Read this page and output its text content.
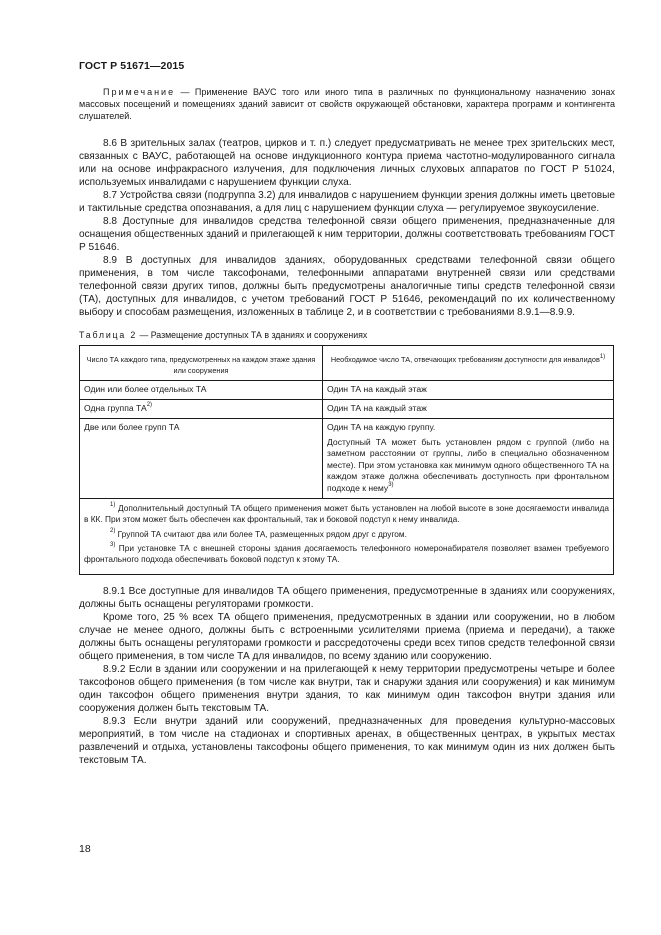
ГОСТ Р 51671—2015

Примечание — Применение ВАУС того или иного типа в различных по функциональному назначению зонах массовых посещений и помещениях зданий зависит от свойств окружающей обстановки, характера программ и контингента слушателей.

8.6 В зрительных залах (театров, цирков и т. п.) следует предусматривать не менее трех зрительских мест, связанных с ВАУС, работающей на основе индукционного контура приема частотно-модулированного сигнала или на основе инфракрасного излучения, для подключения личных слуховых аппаратов по ГОСТ Р 51024, используемых инвалидами с нарушением функции слуха.

8.7 Устройства связи (подгруппа 3.2) для инвалидов с нарушением функции зрения должны иметь цветовые и тактильные средства опознавания, а для лиц с нарушением функции слуха — регулируемое звукоусиление.

8.8 Доступные для инвалидов средства телефонной связи общего применения, предназначенные для оснащения общественных зданий и прилегающей к ним территории, должны соответствовать требованиям ГОСТ Р 51646.

8.9 В доступных для инвалидов зданиях, оборудованных средствами телефонной связи общего применения, в том числе таксофонами, телефонными аппаратами внутренней связи или средствами телефонной связи других типов, должны быть предусмотрены аналогичные типы средств телефонной связи (ТА), доступных для инвалидов, с учетом требований ГОСТ Р 51646, рекомендаций по их количественному выбору и способам размещения, изложенных в таблице 2, и в соответствии с требованиями 8.9.1—8.9.9.

Таблица 2 — Размещение доступных ТА в зданиях и сооружениях
Число ТА каждого типа, предусмотренных на каждом этаже здания или сооружения	Необходимое число ТА, отвечающих требованиям доступности для инвалидов$^{1)}$
Один или более отдельных ТА	Один ТА на каждый этаж
Одна группа ТА$^{2)}$	Один ТА на каждый этаж
Две или более групп ТА	Один ТА на каждую группу.

Доступный ТА может быть установлен рядом с группой (либо на заметном расстоянии от группы, либо в специально обозначенном месте). При этом установка как минимум одного общественного ТА на каждом этаже должна обеспечивать доступность при фронтальном подходе к нему$^{3)}$

$^{1)}$ Дополнительный доступный ТА общего применения может быть установлен на любой высоте в зоне досягаемости инвалида в КК. При этом может быть обеспечен как фронтальный, так и боковой подступ к нему инвалида.

$^{2)}$ Группой ТА считают два или более ТА, размещенных рядом друг с другом.

$^{3)}$ При установке ТА с внешней стороны здания досягаемость телефонного номеронабирателя позволяет взамен требуемого фронтального подхода обеспечивать боковой подступ к этому ТА.	

8.9.1 Все доступные для инвалидов ТА общего применения, предусмотренные в зданиях или сооружениях, должны быть оснащены регуляторами громкости.

Кроме того, 25 % всех ТА общего применения, предусмотренных в здании или сооружении, но в любом случае не менее одного, должны быть с встроенными усилителями приема (приема и передачи), а также должны быть оснащены регуляторами громкости и рассредоточены среди всех типов средств телефонной связи общего применения, в том числе ТА для инвалидов, по всему зданию или сооружению.

8.9.2 Если в здании или сооружении и на прилегающей к нему территории предусмотрены четыре и более таксофонов общего применения (в том числе как внутри, так и снаружи здания или сооружения) и как минимум один таксофон общего применения внутри здания, то как минимум один таксофон внутри здания или сооружения должен быть текстовым ТА.

8.9.3 Если внутри зданий или сооружений, предназначенных для проведения культурно-массовых мероприятий, в том числе на стадионах и спортивных аренах, в общественных центрах, в укрытых местах развлечений и отдыха, установлены таксофоны общего применения, то как минимум один из них должен быть текстовым ТА.

18
